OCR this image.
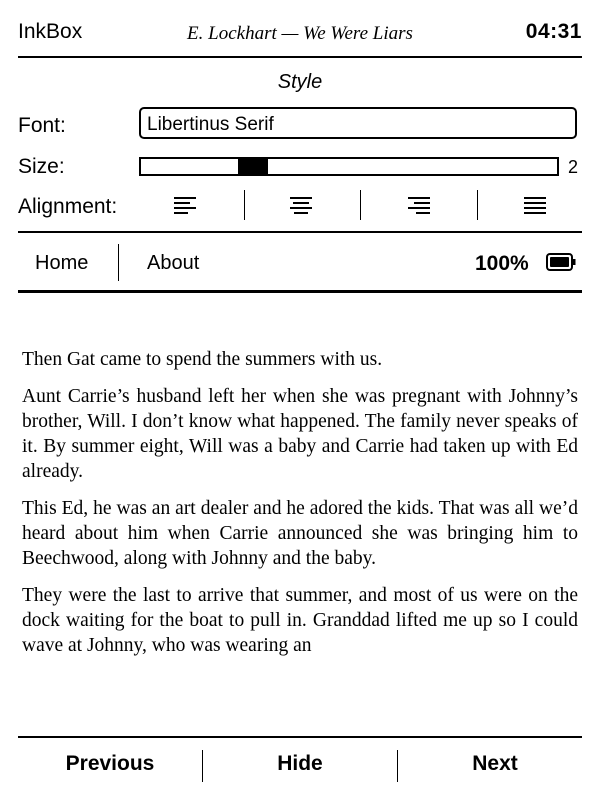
InkBox	E. Lockhart — We Were Liars	04:31
Style
Font:	Libertinus Serif
Size:	2
Alignment:
Home	About	100%

Then Gat came to spend the summers with us.

Aunt Carrie’s husband left her when she was pregnant with Johnny’s brother, Will. I don’t know what happened. The family never speaks of it. By summer eight, Will was a baby and Carrie had taken up with Ed already.

This Ed, he was an art dealer and he adored the kids. That was all we’d heard about him when Carrie announced she was bringing him to Beechwood, along with Johnny and the baby.

They were the last to arrive that summer, and most of us were on the dock waiting for the boat to pull in. Granddad lifted me up so I could wave at Johnny, who was wearing an

Previous	Hide	Next
